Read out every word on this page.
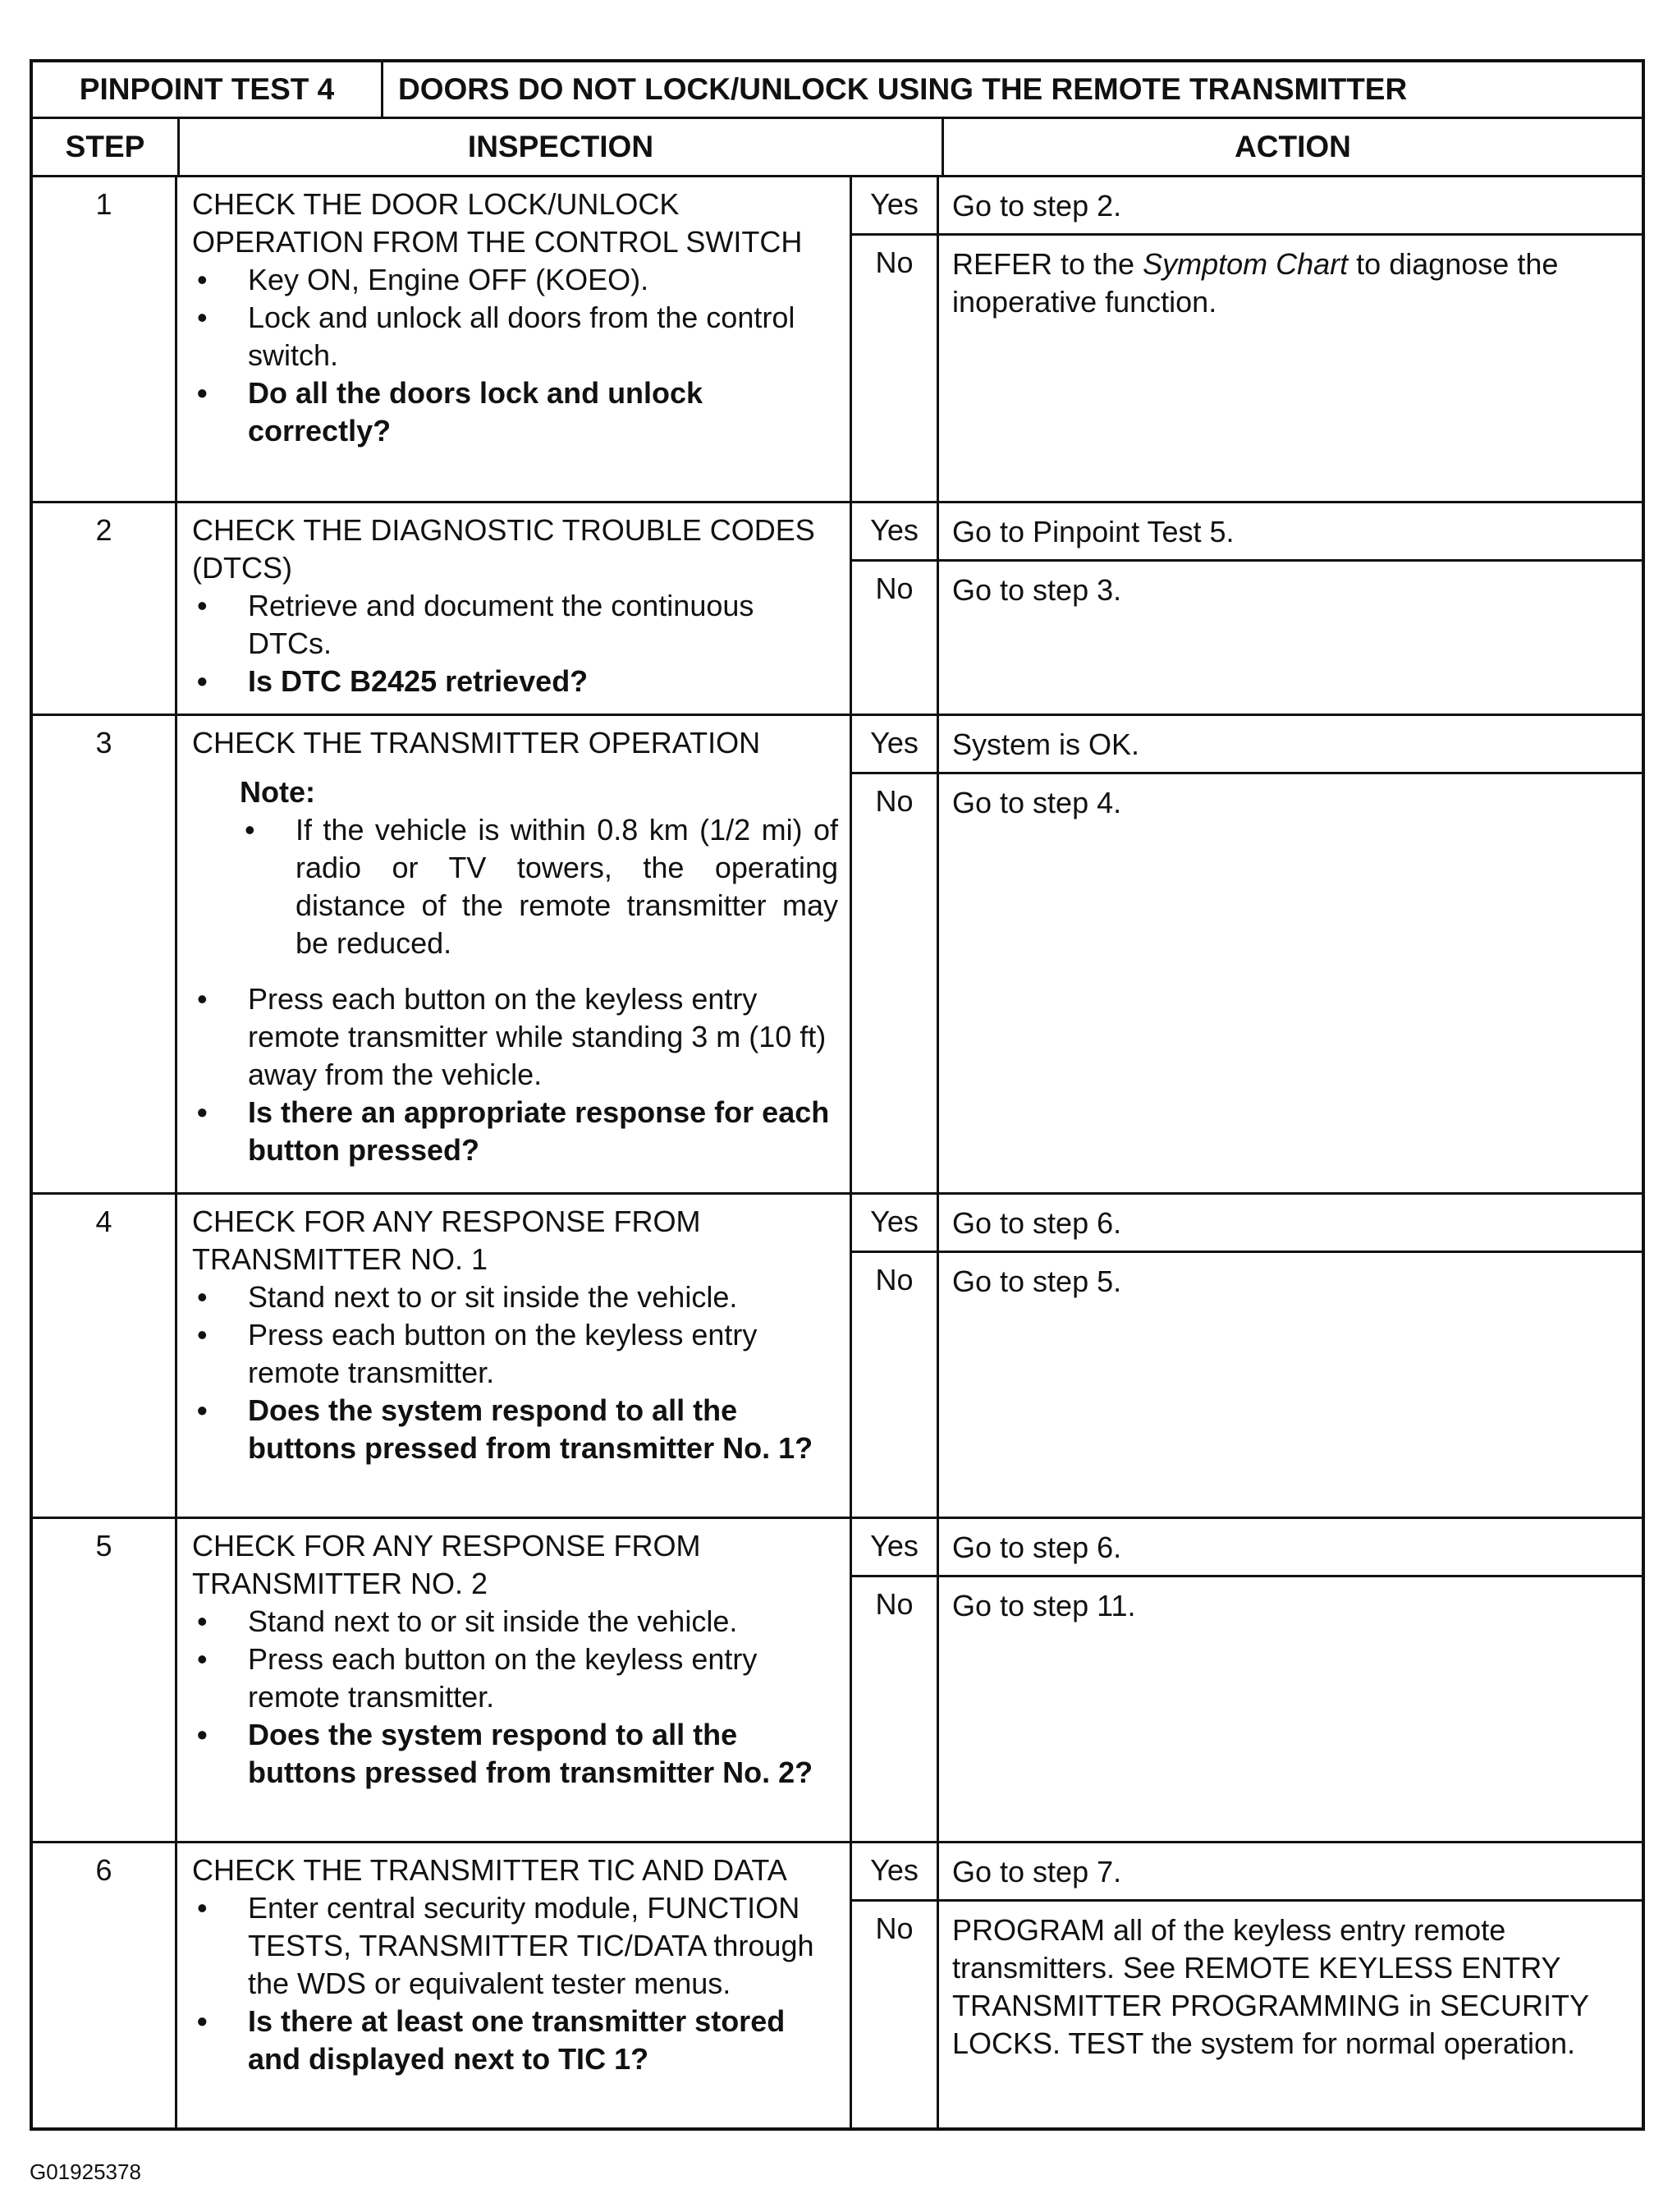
PINPOINT TEST 4	DOORS DO NOT LOCK/UNLOCK USING THE REMOTE TRANSMITTER
STEP	INSPECTION	ACTION
1	CHECK THE DOOR LOCK/UNLOCK OPERATION FROM THE CONTROL SWITCH
•	Key ON, Engine OFF (KOEO).
•	Lock and unlock all doors from the control switch.
•	Do all the doors lock and unlock correctly?
Yes	Go to step 2.
No	REFER to the Symptom Chart to diagnose the inoperative function.
2	CHECK THE DIAGNOSTIC TROUBLE CODES (DTCS)
•	Retrieve and document the continuous DTCs.
•	Is DTC B2425 retrieved?
Yes	Go to Pinpoint Test 5.
No	Go to step 3.
3	CHECK THE TRANSMITTER OPERATION
Note:
•	If the vehicle is within 0.8 km (1/2 mi) of radio or TV towers, the operating distance of the remote transmitter may be reduced.
•	Press each button on the keyless entry remote transmitter while standing 3 m (10 ft) away from the vehicle.
•	Is there an appropriate response for each button pressed?
Yes	System is OK.
No	Go to step 4.
4	CHECK FOR ANY RESPONSE FROM TRANSMITTER NO. 1
•	Stand next to or sit inside the vehicle.
•	Press each button on the keyless entry remote transmitter.
•	Does the system respond to all the buttons pressed from transmitter No. 1?
Yes	Go to step 6.
No	Go to step 5.
5	CHECK FOR ANY RESPONSE FROM TRANSMITTER NO. 2
•	Stand next to or sit inside the vehicle.
•	Press each button on the keyless entry remote transmitter.
•	Does the system respond to all the buttons pressed from transmitter No. 2?
Yes	Go to step 6.
No	Go to step 11.
6	CHECK THE TRANSMITTER TIC AND DATA
•	Enter central security module, FUNCTION TESTS, TRANSMITTER TIC/DATA through the WDS or equivalent tester menus.
•	Is there at least one transmitter stored and displayed next to TIC 1?
Yes	Go to step 7.
No	PROGRAM all of the keyless entry remote transmitters. See REMOTE KEYLESS ENTRY TRANSMITTER PROGRAMMING in SECURITY LOCKS. TEST the system for normal operation.
G01925378
